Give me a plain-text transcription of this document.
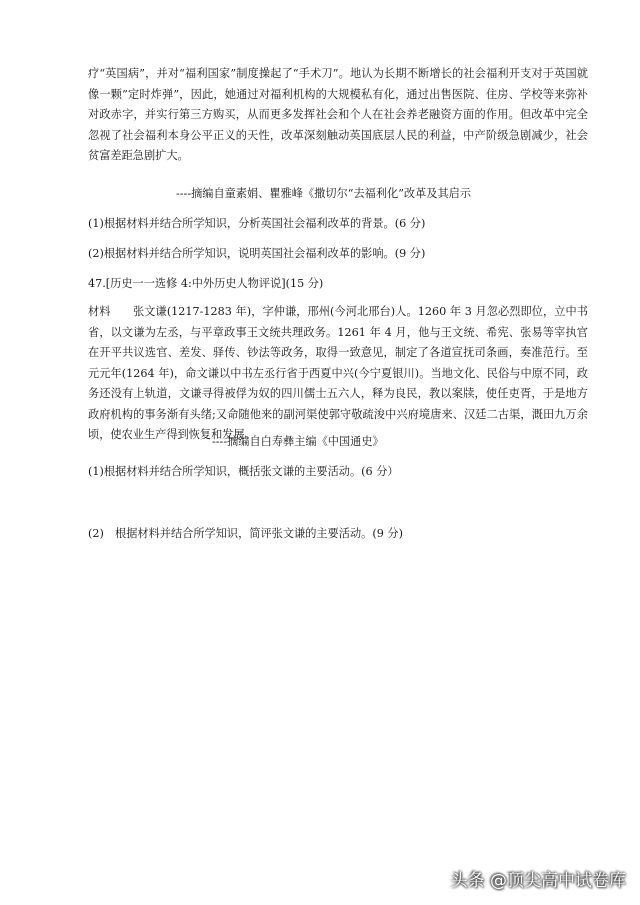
疗“英国病”，并对“福利国家”制度操起了“手术刀”。地认为长期不断增长的社会福利开支对于英国就像一颗”定时炸弹”，因此，她通过对福利机构的大规模私有化，通过出售医院、住房、学校等来弥补对政赤字，并实行第三方购买，从而更多发挥社会和个人在社会养老融资方面的作用。但改革中完全忽视了社会福利本身公平正义的天性，改革深刻触动英国底层人民的利益，中产阶级急剧减少，社会贫富差距急剧扩大。

----摘编自童素娟、瞿雅峰《撒切尔“去福利化”改革及其启示
(1)根据材料并结合所学知识，分析英国社会福利改革的背景。(6 分)
(2)根据材料并结合所学知识，说明英国社会福利改革的影响。(9 分)
47.[历史一一选修 4:中外历史人物评说](15 分)

材料　　张文谦(1217-1283 年)，字仲谦，邢州(今河北邢台)人。1260 年 3 月忽必烈即位，立中书省，以文谦为左丞，与平章政事王文统共理政务。1261 年 4 月，他与王文统、希宪、张易等宰执官在开平共议选官、差发、驿传、钞法等政务，取得一致意见，制定了各道宣抚司条画，奏准范行。至元元年(1264 年)，命文谦以中书左丞行省于西夏中兴(今宁夏银川)。当地文化、民俗与中原不同，政务还没有上轨道，文谦寻得被俘为奴的四川儒士五六人，释为良民，教以案牍，使任吏胥，于是地方政府机构的事务渐有头绪;又命随他来的副河渠使郭守敬疏浚中兴府境唐来、汉廷二古渠，溉田九万余顷，使农业生产得到恢复和发展。

----摘编自白寿彝主编《中国通史》
(1)根据材料并结合所学知识，概括张文谦的主要活动。(6 分）
(2)　根据材料并结合所学知识，简评张文谦的主要活动。(9 分)
头条 @顶尖高中试卷库
